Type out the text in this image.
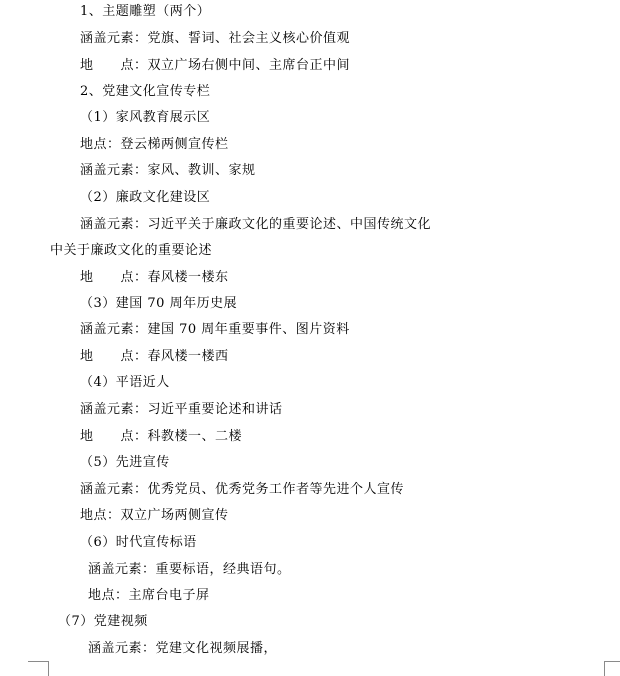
1、主题雕塑（两个）
涵盖元素：党旗、誓词、社会主义核心价值观
地　　点：双立广场右侧中间、主席台正中间
2、党建文化宣传专栏
（1）家风教育展示区
地点：登云梯两侧宣传栏
涵盖元素：家风、教训、家规
（2）廉政文化建设区
涵盖元素：习近平关于廉政文化的重要论述、中国传统文化
中关于廉政文化的重要论述
地　　点：春风楼一楼东
（3）建国 70 周年历史展
涵盖元素：建国 70 周年重要事件、图片资料
地　　点：春风楼一楼西
（4）平语近人
涵盖元素：习近平重要论述和讲话
地　　点：科教楼一、二楼
（5）先进宣传
涵盖元素：优秀党员、优秀党务工作者等先进个人宣传
地点：双立广场两侧宣传
（6）时代宣传标语
涵盖元素：重要标语，经典语句。
地点：主席台电子屏
（7）党建视频
涵盖元素：党建文化视频展播，
